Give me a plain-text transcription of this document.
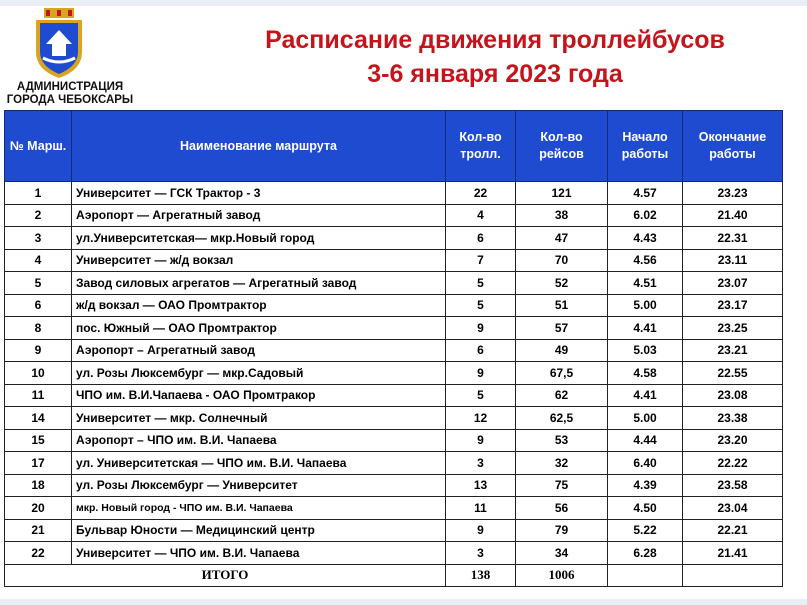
АДМИНИСТРАЦИЯ
ГОРОДА ЧЕБОКСАРЫ
Расписание движения троллейбусов
3-6 января 2023 года
№ Марш.	Наименование маршрута	Кол-во тролл.	Кол-во рейсов	Начало работы	Окончание работы
1	Университет — ГСК Трактор - 3	22	121	4.57	23.23
2	Аэропорт — Агрегатный завод	4	38	6.02	21.40
3	ул.Университетская— мкр.Новый город	6	47	4.43	22.31
4	Университет — ж/д вокзал	7	70	4.56	23.11
5	Завод силовых агрегатов — Агрегатный завод	5	52	4.51	23.07
6	ж/д вокзал — ОАО Промтрактор	5	51	5.00	23.17
8	пос. Южный — ОАО Промтрактор	9	57	4.41	23.25
9	Аэропорт – Агрегатный завод	6	49	5.03	23.21
10	ул. Розы Люксембург — мкр.Садовый	9	67,5	4.58	22.55
11	ЧПО им. В.И.Чапаева - ОАО Промтракор	5	62	4.41	23.08
14	Университет — мкр. Солнечный	12	62,5	5.00	23.38
15	Аэропорт – ЧПО им. В.И. Чапаева	9	53	4.44	23.20
17	ул. Университетская — ЧПО им. В.И. Чапаева	3	32	6.40	22.22
18	ул. Розы Люксембург — Университет	13	75	4.39	23.58
20	мкр. Новый город - ЧПО им. В.И. Чапаева	11	56	4.50	23.04
21	Бульвар Юности — Медицинский центр	9	79	5.22	22.21
22	Университет — ЧПО им. В.И. Чапаева	3	34	6.28	21.41
ИТОГО		138	1006		
